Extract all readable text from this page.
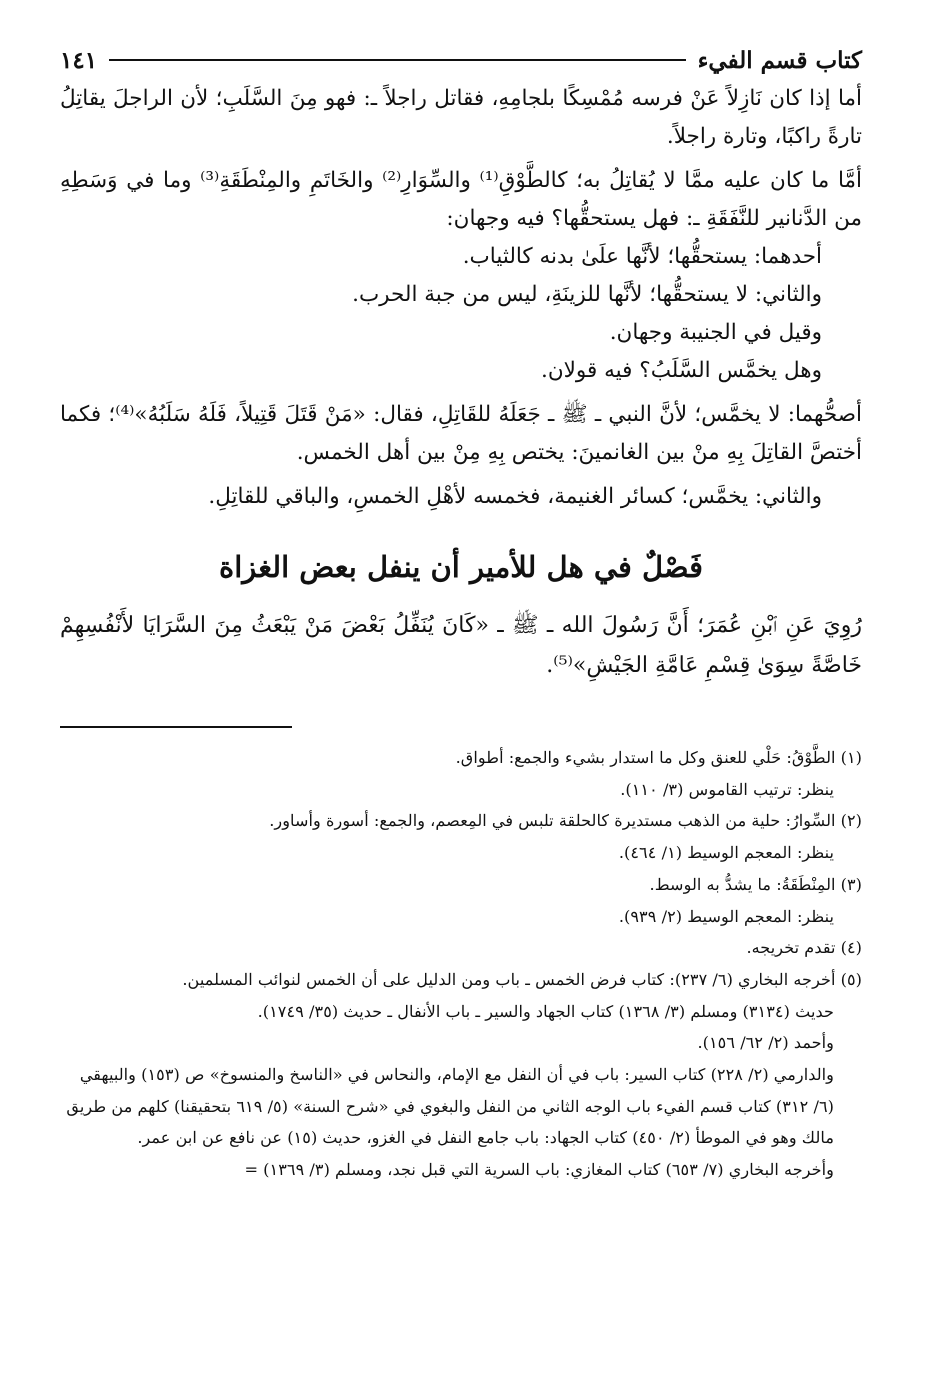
كتاب قسم الفيء
١٤١

أما إذا كان نَازِلاً عَنْ فرسه مُمْسِكًا بلجامِهِ، فقاتل راجلاً ـ: فهو مِنَ السَّلَبِ؛ لأن الراجلَ يقاتِلُ تارةً راكبًا، وتارة راجلاً.

أمَّا ما كان عليه ممَّا لا يُقاتِلُ به؛ كالطَّوْقِ⁽¹⁾ والسِّوَارِ⁽²⁾ والخَاتَمِ والمِنْطَقَةِ⁽³⁾ وما في وَسَطِهِ من الدَّنانير للنَّفَقَةِ ـ: فهل يستحقُّها؟ فيه وجهان:

أحدهما: يستحقُّها؛ لأنَّها علَىٰ بدنه كالثياب.

والثاني: لا يستحقُّها؛ لأنَّها للزينَةِ، ليس من جبة الحرب.

وقيل في الجنيبة وجهان.

وهل يخمَّس السَّلَبُ؟ فيه قولان.

أصحُّهما: لا يخمَّس؛ لأنَّ النبي ـ ﷺ ـ جَعَلَهُ للقَاتِلِ، فقال: «مَنْ قَتَلَ قَتِيلاً، فَلَهُ سَلَبُهُ»⁽⁴⁾؛ فكما أختصَّ القاتِلَ بِهِ منْ بين الغانمينَ: يختص بِهِ مِنْ بين أهل الخمس.

والثاني: يخمَّس؛ كسائر الغنيمة، فخمسه لأهْلِ الخمسِ، والباقي للقاتِلِ.

فَصْلٌ في هل للأمير أن ينفل بعض الغزاة

رُوِيَ عَنِ ٱبْنِ عُمَرَ؛ أَنَّ رَسُولَ الله ـ ﷺ ـ «كَانَ يُنَفِّلُ بَعْضَ مَنْ يَبْعَثُ مِنَ السَّرَايَا لأَنْفُسِهِمْ خَاصَّةً سِوَىٰ قِسْمِ عَامَّةِ الجَيْشِ»⁽⁵⁾.

(١) الطَّوْقُ: حَلْي للعنق وكل ما استدار بشيء والجمع: أطواق.

ينظر: ترتيب القاموس (٣/ ١١٠).

(٢) السِّوارُ: حلية من الذهب مستديرة كالحلقة تلبس في المِعصم، والجمع: أسورة وأساور.

ينظر: المعجم الوسيط (١/ ٤٦٤).

(٣) المِنْطَقَةُ: ما يشدُّ به الوسط.

ينظر: المعجم الوسيط (٢/ ٩٣٩).

(٤) تقدم تخريجه.

(٥) أخرجه البخاري (٦/ ٢٣٧): كتاب فرض الخمس ـ باب ومن الدليل على أن الخمس لنوائب المسلمين.

حديث (٣١٣٤) ومسلم (٣/ ١٣٦٨) كتاب الجهاد والسير ـ باب الأنفال ـ حديث (٣٥/ ١٧٤٩).

وأحمد (٢/ ٦٢/ ١٥٦).

والدارمي (٢/ ٢٢٨) كتاب السير: باب في أن النفل مع الإمام، والنحاس في «الناسخ والمنسوخ» ص (١٥٣) والبيهقي (٦/ ٣١٢) كتاب قسم الفيء باب الوجه الثاني من النفل والبغوي في «شرح السنة» (٥/ ٦١٩ بتحقيقنا) كلهم من طريق مالك وهو في الموطأ (٢/ ٤٥٠) كتاب الجهاد: باب جامع النفل في الغزو، حديث (١٥) عن نافع عن ابن عمر.

وأخرجه البخاري (٧/ ٦٥٣) كتاب المغازي: باب السرية التي قبل نجد، ومسلم (٣/ ١٣٦٩) =
